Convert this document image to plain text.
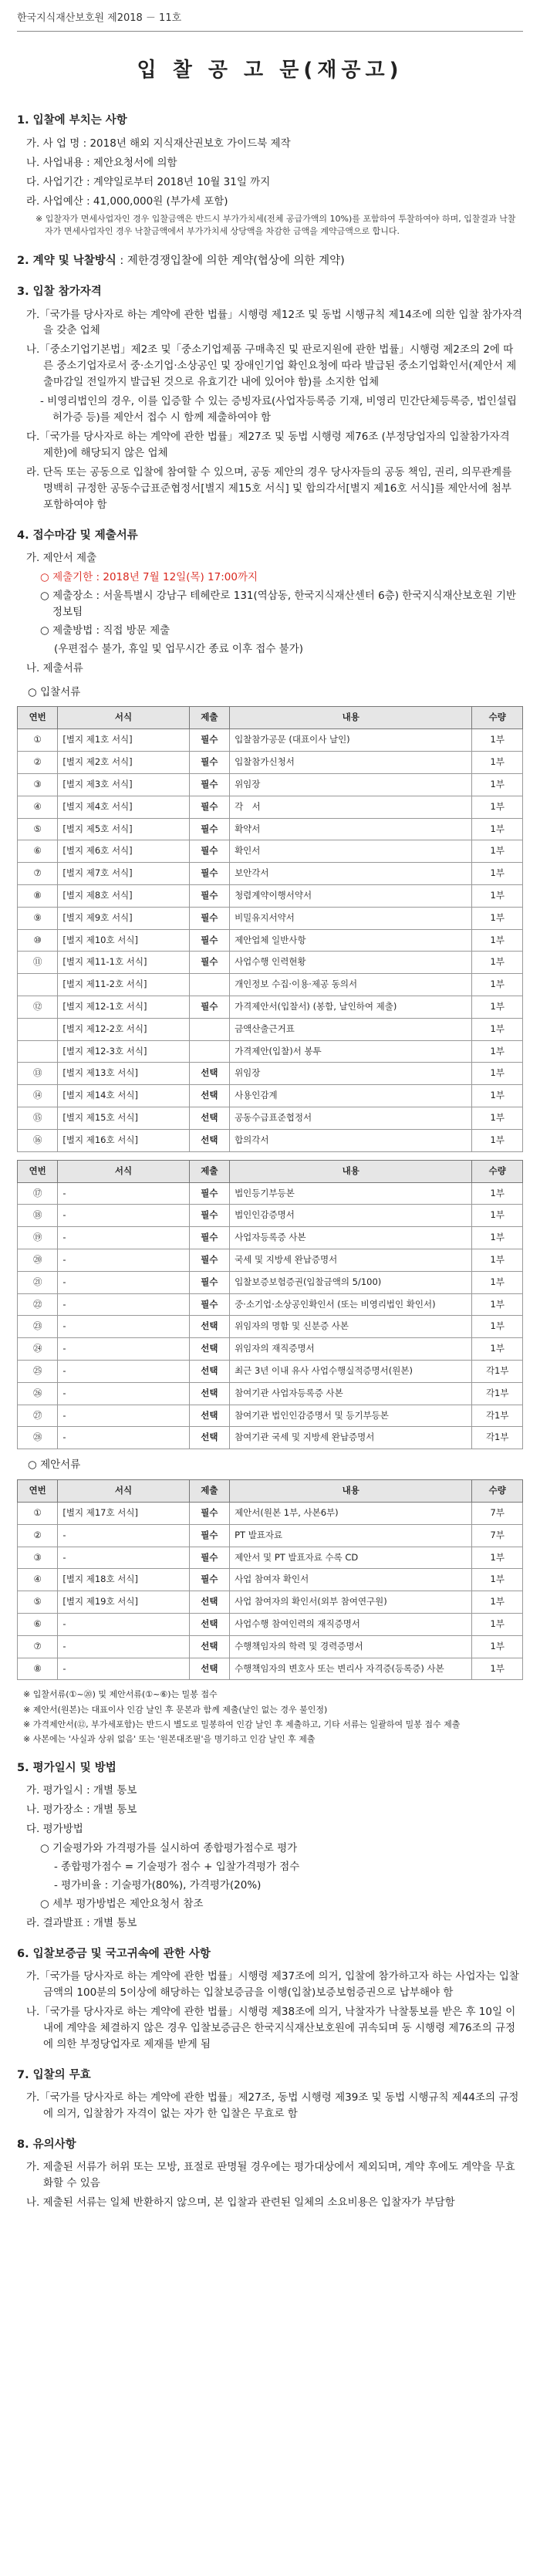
한국지식재산보호원 제2018 － 11호
입 찰 공 고 문(재공고)
1. 입찰에 부치는 사항
가. 사 업 명 : 2018년 해외 지식재산권보호 가이드북 제작
나. 사업내용 : 제안요청서에 의함
다. 사업기간 : 계약일로부터 2018년 10월 31일 까지
라. 사업예산 : 41,000,000원 (부가세 포함)
※ 입찰자가 면세사업자인 경우 입찰금액은 반드시 부가가치세(전체 공급가액의 10%)를 포함하여 투찰하여야 하며, 입찰결과 낙찰자가 면세사업자인 경우 낙찰금액에서 부가가치세 상당액을 차감한 금액을 계약금액으로 합니다.
2. 계약 및 낙찰방식 : 제한경쟁입찰에 의한 계약(협상에 의한 계약)
3. 입찰 참가자격
가.「국가를 당사자로 하는 계약에 관한 법률」시행령 제12조 및 동법 시행규칙 제14조에 의한 입찰 참가자격을 갖춘 업체
나.「중소기업기본법」제2조 및「중소기업제품 구매촉진 및 판로지원에 관한 법률」시행령 제2조의 2에 따른 중소기업자로서 중·소기업·소상공인 및 장애인기업 확인요청에 따라 발급된 중소기업확인서(제안서 제출마감일 전일까지 발급된 것으로 유효기간 내에 있어야 함)를 소지한 업체
- 비영리법인의 경우, 이를 입증할 수 있는 증빙자료(사업자등록증 기재, 비영리 민간단체등록증, 법인설립허가증 등)를 제안서 접수 시 함께 제출하여야 함
다.「국가를 당사자로 하는 계약에 관한 법률」제27조 및 동법 시행령 제76조 (부정당업자의 입찰참가자격 제한)에 해당되지 않은 업체
라. 단독 또는 공동으로 입찰에 참여할 수 있으며, 공동 제안의 경우 당사자들의 공동 책임, 권리, 의무관계를 명백히 규정한 공동수급표준협정서[별지 제15호 서식] 및 합의각서[별지 제16호 서식]를 제안서에 첨부 포함하여야 함
4. 접수마감 및 제출서류
가. 제안서 제출
○ 제출기한 : 2018년 7월 12일(목) 17:00까지
○ 제출장소 : 서울특별시 강남구 테헤란로 131(역삼동, 한국지식재산센터 6층) 한국지식재산보호원 기반정보팀
○ 제출방법 : 직접 방문 제출
(우편접수 불가, 휴일 및 업무시간 종료 이후 접수 불가)
나. 제출서류
○ 입찰서류
연번	서식	제출	내용	수량
①	[별지 제1호 서식]	필수	입찰참가공문 (대표이사 날인)	1부
②	[별지 제2호 서식]	필수	입찰참가신청서	1부
③	[별지 제3호 서식]	필수	위임장	1부
④	[별지 제4호 서식]	필수	각　서	1부
⑤	[별지 제5호 서식]	필수	확약서	1부
⑥	[별지 제6호 서식]	필수	확인서	1부
⑦	[별지 제7호 서식]	필수	보안각서	1부
⑧	[별지 제8호 서식]	필수	청렴계약이행서약서	1부
⑨	[별지 제9호 서식]	필수	비밀유지서약서	1부
⑩	[별지 제10호 서식]	필수	제안업체 일반사항	1부
⑪	[별지 제11-1호 서식]	필수	사업수행 인력현황	1부
	[별지 제11-2호 서식]		개인정보 수집·이용·제공 동의서	1부
⑫	[별지 제12-1호 서식]	필수	가격제안서(입찰서) (봉함, 날인하여 제출)	1부
	[별지 제12-2호 서식]		금액산출근거표	1부
	[별지 제12-3호 서식]		가격제안(입찰)서 봉투	1부
⑬	[별지 제13호 서식]	선택	위임장	1부
⑭	[별지 제14호 서식]	선택	사용인감계	1부
⑮	[별지 제15호 서식]	선택	공동수급표준협정서	1부
⑯	[별지 제16호 서식]	선택	합의각서	1부
연번	서식	제출	내용	수량
⑰	-	필수	법인등기부등본	1부
⑱	-	필수	법인인감증명서	1부
⑲	-	필수	사업자등록증 사본	1부
⑳	-	필수	국세 및 지방세 완납증명서	1부
㉑	-	필수	입찰보증보험증권(입찰금액의 5/100)	1부
㉒	-	필수	중·소기업·소상공인확인서 (또는 비영리법인 확인서)	1부
㉓	-	선택	위임자의 명함 및 신분증 사본	1부
㉔	-	선택	위임자의 재직증명서	1부
㉕	-	선택	최근 3년 이내 유사 사업수행실적증명서(원본)	각1부
㉖	-	선택	참여기관 사업자등록증 사본	각1부
㉗	-	선택	참여기관 법인인감증명서 및 등기부등본	각1부
㉘	-	선택	참여기관 국세 및 지방세 완납증명서	각1부
○ 제안서류
연번	서식	제출	내용	수량
①	[별지 제17호 서식]	필수	제안서(원본 1부, 사본6부)	7부
②	-	필수	PT 발표자료	7부
③	-	필수	제안서 및 PT 발표자료 수록 CD	1부
④	[별지 제18호 서식]	필수	사업 참여자 확인서	1부
⑤	[별지 제19호 서식]	선택	사업 참여자의 확인서(외부 참여연구원)	1부
⑥	-	선택	사업수행 참여인력의 재직증명서	1부
⑦	-	선택	수행책임자의 학력 및 경력증명서	1부
⑧	-	선택	수행책임자의 변호사 또는 변리사 자격증(등록증) 사본	1부
※ 입찰서류(①~⑳) 및 제안서류(①~⑥)는 밀봉 접수
※ 제안서(원본)는 대표이사 인감 날인 후 문본과 함께 제출(날인 없는 경우 불인정)
※ 가격제안서(⑫, 부가세포함)는 반드시 별도로 밀봉하여 인감 날인 후 제출하고, 기타 서류는 일괄하여 밀봉 접수 제출
※ 사본에는 '사실과 상위 없음' 또는 '원본대조필'을 명기하고 인감 날인 후 제출
5. 평가일시 및 방법
가. 평가일시 : 개별 통보
나. 평가장소 : 개별 통보
다. 평가방법
○ 기술평가와 가격평가를 실시하여 종합평가점수로 평가
- 종합평가점수 = 기술평가 점수 + 입찰가격평가 점수
- 평가비율 : 기술평가(80%), 가격평가(20%)
○ 세부 평가방법은 제안요청서 참조
라. 결과발표 : 개별 통보
6. 입찰보증금 및 국고귀속에 관한 사항
가.「국가를 당사자로 하는 계약에 관한 법률」시행령 제37조에 의거, 입찰에 참가하고자 하는 사업자는 입찰금액의 100분의 5이상에 해당하는 입찰보증금을 이행(입찰)보증보험증권으로 납부해야 함
나.「국가를 당사자로 하는 계약에 관한 법률」시행령 제38조에 의거, 낙찰자가 낙찰통보를 받은 후 10일 이내에 계약을 체결하지 않은 경우 입찰보증금은 한국지식재산보호원에 귀속되며 동 시행령 제76조의 규정에 의한 부정당업자로 제재를 받게 됨
7. 입찰의 무효
가.「국가를 당사자로 하는 계약에 관한 법률」제27조, 동법 시행령 제39조 및 동법 시행규칙 제44조의 규정에 의거, 입찰참가 자격이 없는 자가 한 입찰은 무효로 함
8. 유의사항
가. 제출된 서류가 허위 또는 모방, 표절로 판명될 경우에는 평가대상에서 제외되며, 계약 후에도 계약을 무효화할 수 있음
나. 제출된 서류는 일체 반환하지 않으며, 본 입찰과 관련된 일체의 소요비용은 입찰자가 부담함
